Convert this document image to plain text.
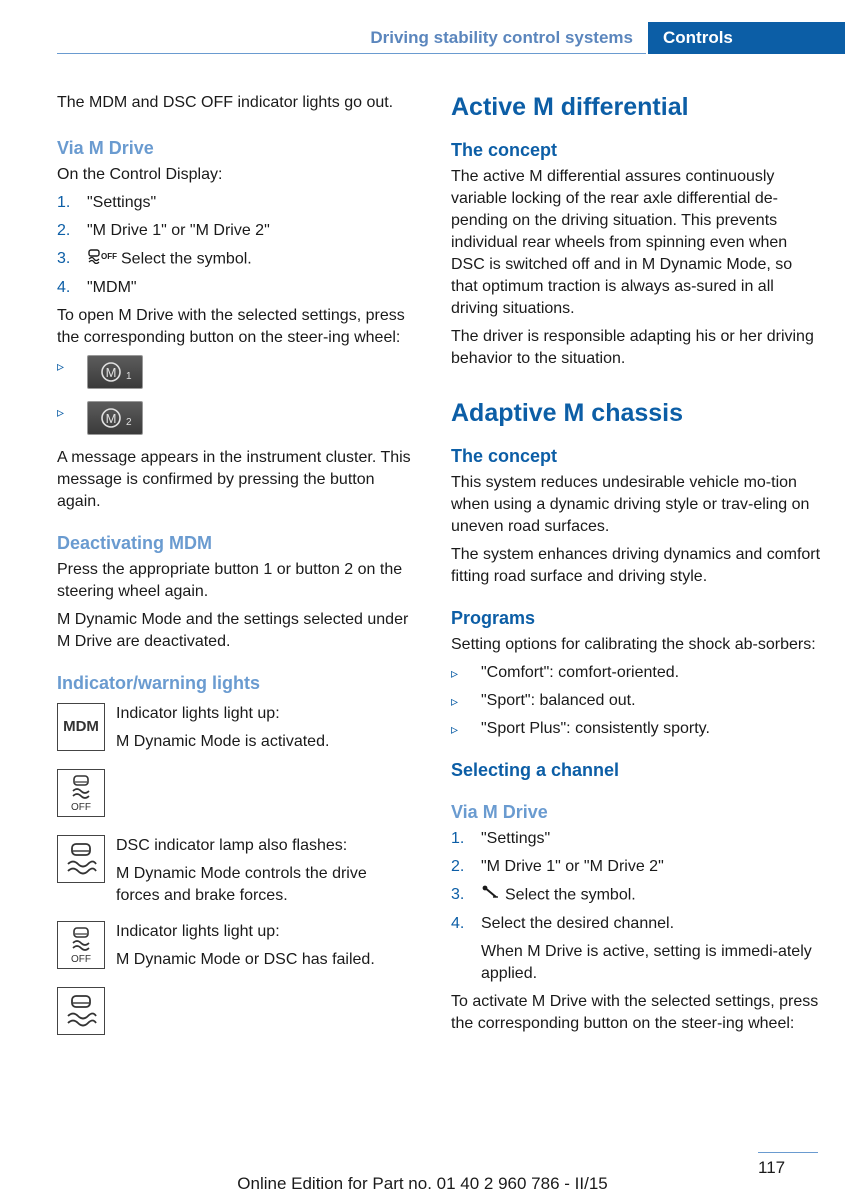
Driving stability control systems	Controls

The MDM and DSC OFF indicator lights go out.

Via M Drive

On the Control Display:

1. "Settings"
2. "M Drive 1" or "M Drive 2"
3.	OFF Select the symbol.
4. "MDM"

To open M Drive with the selected settings, press the corresponding button on the steer‐ing wheel:

▹	M 1
▹	M 2

A message appears in the instrument cluster. This message is confirmed by pressing the button again.

Deactivating MDM

Press the appropriate button 1 or button 2 on the steering wheel again.

M Dynamic Mode and the settings selected under M Drive are deactivated.

Indicator/warning lights
MDM

Indicator lights light up:

M Dynamic Mode is activated.

OFF

DSC indicator lamp also flashes:

M Dynamic Mode controls the drive forces and brake forces.

OFF

Indicator lights light up:

M Dynamic Mode or DSC has failed.

Active M differential
The concept

The active M differential assures continuously variable locking of the rear axle differential de‐pending on the driving situation. This prevents individual rear wheels from spinning even when DSC is switched off and in M Dynamic Mode, so that optimum traction is always as‐sured in all driving situations.

The driver is responsible adapting his or her driving behavior to the situation.

Adaptive M chassis
The concept

This system reduces undesirable vehicle mo‐tion when using a dynamic driving style or trav‐eling on uneven road surfaces.

The system enhances driving dynamics and comfort fitting road surface and driving style.

Programs

Setting options for calibrating the shock ab‐sorbers:

▹ "Comfort": comfort-oriented.
▹ "Sport": balanced out.
▹ "Sport Plus": consistently sporty.
Selecting a channel
Via M Drive
1. "Settings"
2. "M Drive 1" or "M Drive 2"
3.	Select the symbol.
4. Select the desired channel.
When M Drive is active, setting is immedi‐ately applied.

To activate M Drive with the selected settings, press the corresponding button on the steer‐ing wheel:

117
Online Edition for Part no. 01 40 2 960 786 - II/15
